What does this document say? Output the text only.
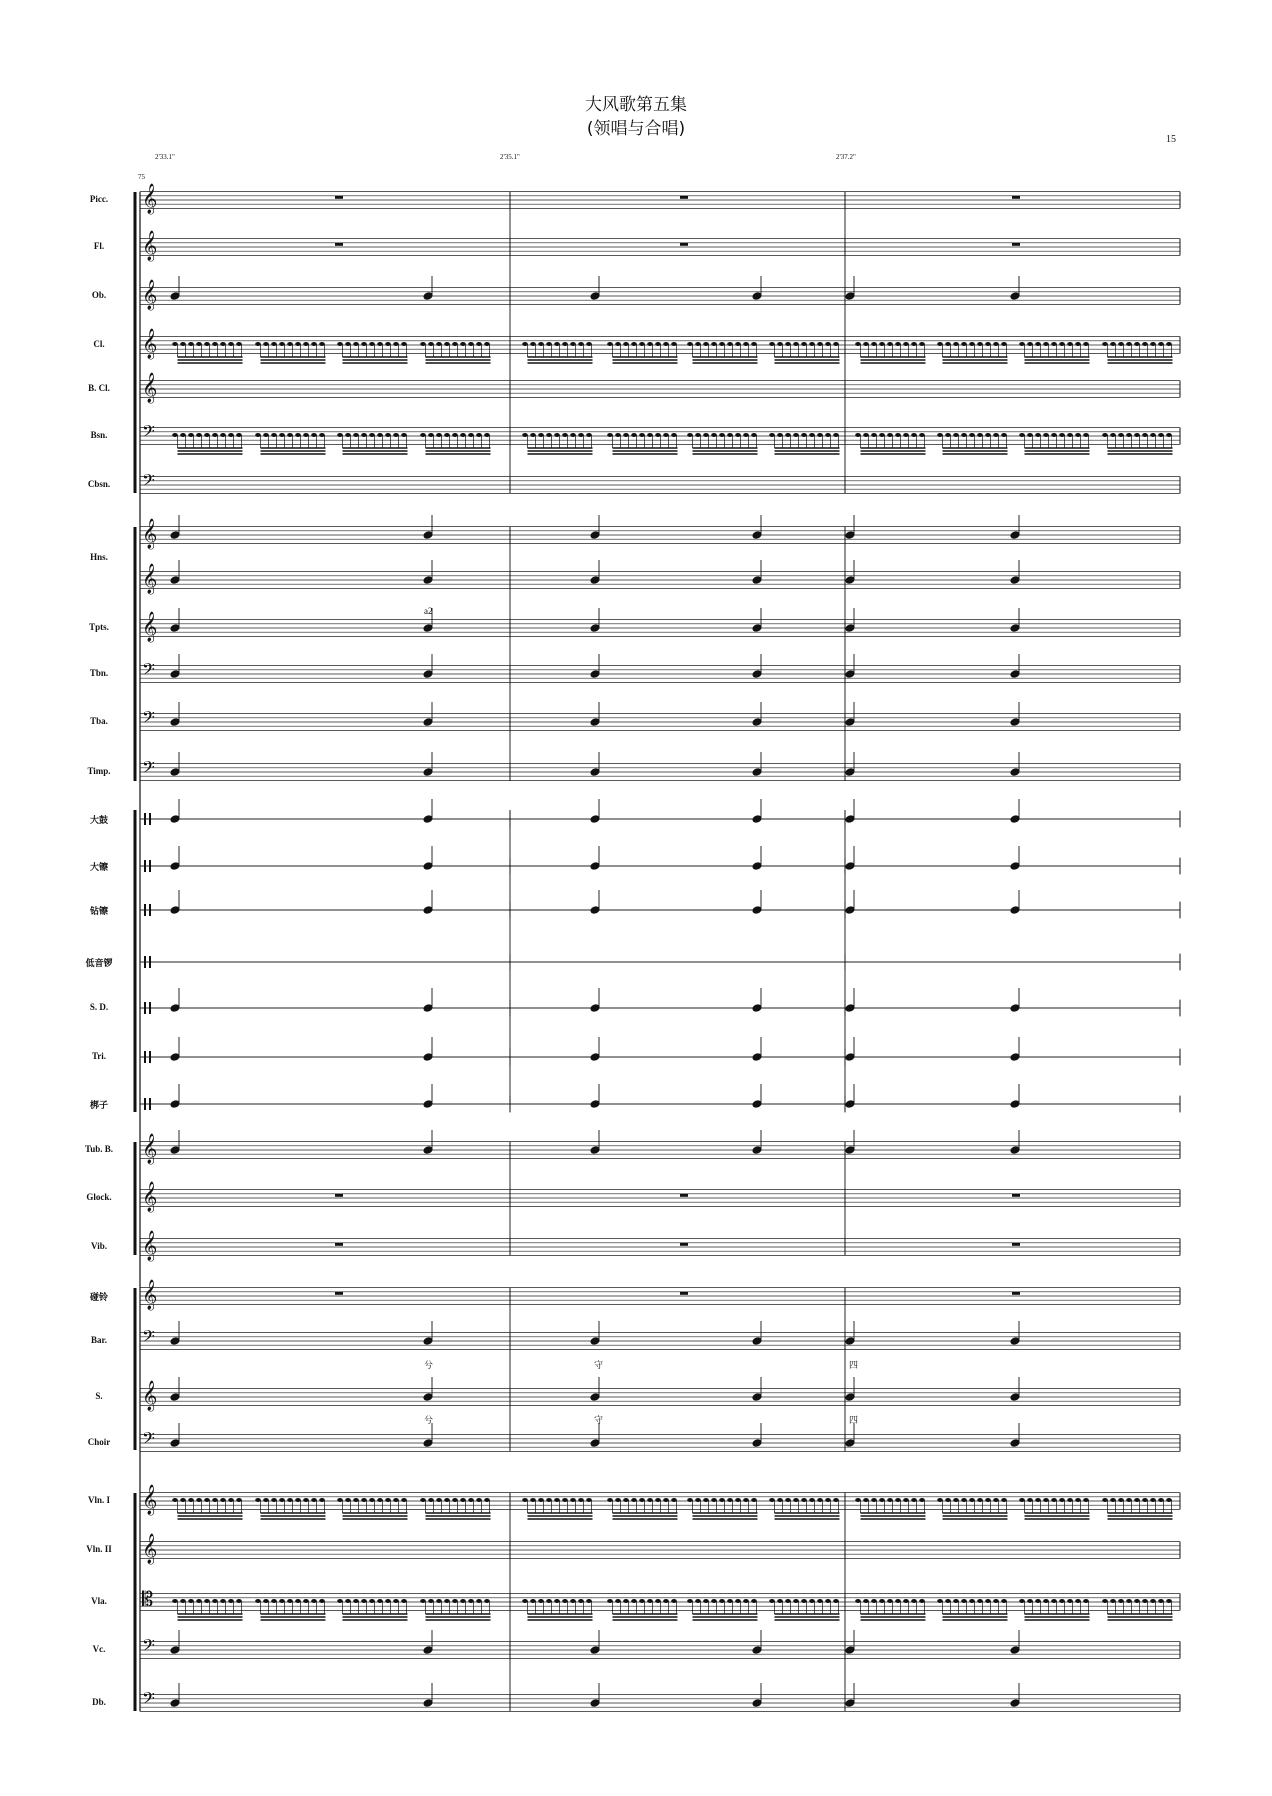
大风歌第五集
(领唱与合唱)
15
2'33.1"	2'35.1"	2'37.2"
75
a2
兮	守	四
兮	守	四
Picc.
Fl.
Ob.
Cl.
B. Cl.
Bsn.
Cbsn.
Hns.
Tpts.
Tbn.
Tba.
Timp.
大鼓
大镲
钻镲
低音锣
S. D.
Tri.
梆子
Tub. B.
Glock.
Vib.
碰铃
Bar.
S.
Choir
Vln. I
Vln. II
Vla.
Vc.
Db.
𝄞
𝄞
𝄞
𝄞
𝄞
𝄢
𝄢
𝄞
𝄞
𝄞
𝄢
𝄢
𝄢
𝄞
𝄞
𝄞
𝄞
𝄢
𝄞
𝄢
𝄞
𝄞
𝄡
𝄢
𝄢
